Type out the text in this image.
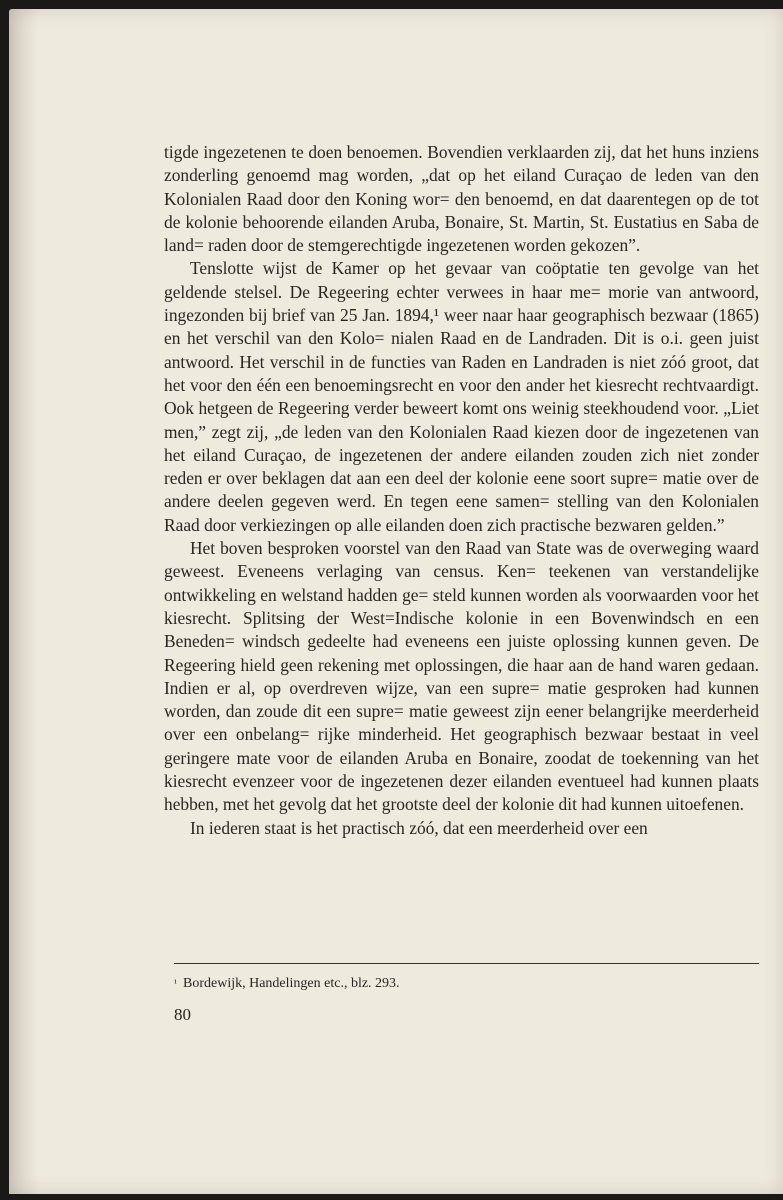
tigde ingezetenen te doen benoemen. Bovendien verklaarden zij, dat het huns inziens zonderling genoemd mag worden, „dat op het eiland Curaçao de leden van den Kolonialen Raad door den Koning wor= den benoemd, en dat daarentegen op de tot de kolonie behoorende eilanden Aruba, Bonaire, St. Martin, St. Eustatius en Saba de land= raden door de stemgerechtigde ingezetenen worden gekozen”.

Tenslotte wijst de Kamer op het gevaar van coöptatie ten gevolge van het geldende stelsel. De Regeering echter verwees in haar me= morie van antwoord, ingezonden bij brief van 25 Jan. 1894,¹ weer naar haar geographisch bezwaar (1865) en het verschil van den Kolo= nialen Raad en de Landraden. Dit is o.i. geen juist antwoord. Het verschil in de functies van Raden en Landraden is niet zóó groot, dat het voor den één een benoemingsrecht en voor den ander het kiesrecht rechtvaardigt. Ook hetgeen de Regeering verder beweert komt ons weinig steekhoudend voor. „Liet men,” zegt zij, „de leden van den Kolonialen Raad kiezen door de ingezetenen van het eiland Curaçao, de ingezetenen der andere eilanden zouden zich niet zonder reden er over beklagen dat aan een deel der kolonie eene soort supre= matie over de andere deelen gegeven werd. En tegen eene samen= stelling van den Kolonialen Raad door verkiezingen op alle eilanden doen zich practische bezwaren gelden.”

Het boven besproken voorstel van den Raad van State was de overweging waard geweest. Eveneens verlaging van census. Ken= teekenen van verstandelijke ontwikkeling en welstand hadden ge= steld kunnen worden als voorwaarden voor het kiesrecht. Splitsing der West=Indische kolonie in een Bovenwindsch en een Beneden= windsch gedeelte had eveneens een juiste oplossing kunnen geven. De Regeering hield geen rekening met oplossingen, die haar aan de hand waren gedaan. Indien er al, op overdreven wijze, van een supre= matie gesproken had kunnen worden, dan zoude dit een supre= matie geweest zijn eener belangrijke meerderheid over een onbelang= rijke minderheid. Het geographisch bezwaar bestaat in veel geringere mate voor de eilanden Aruba en Bonaire, zoodat de toekenning van het kiesrecht evenzeer voor de ingezetenen dezer eilanden eventueel had kunnen plaats hebben, met het gevolg dat het grootste deel der kolonie dit had kunnen uitoefenen.

In iederen staat is het practisch zóó, dat een meerderheid over een

$^{^1}$ Bordewijk, Handelingen etc., blz. 293.
80
